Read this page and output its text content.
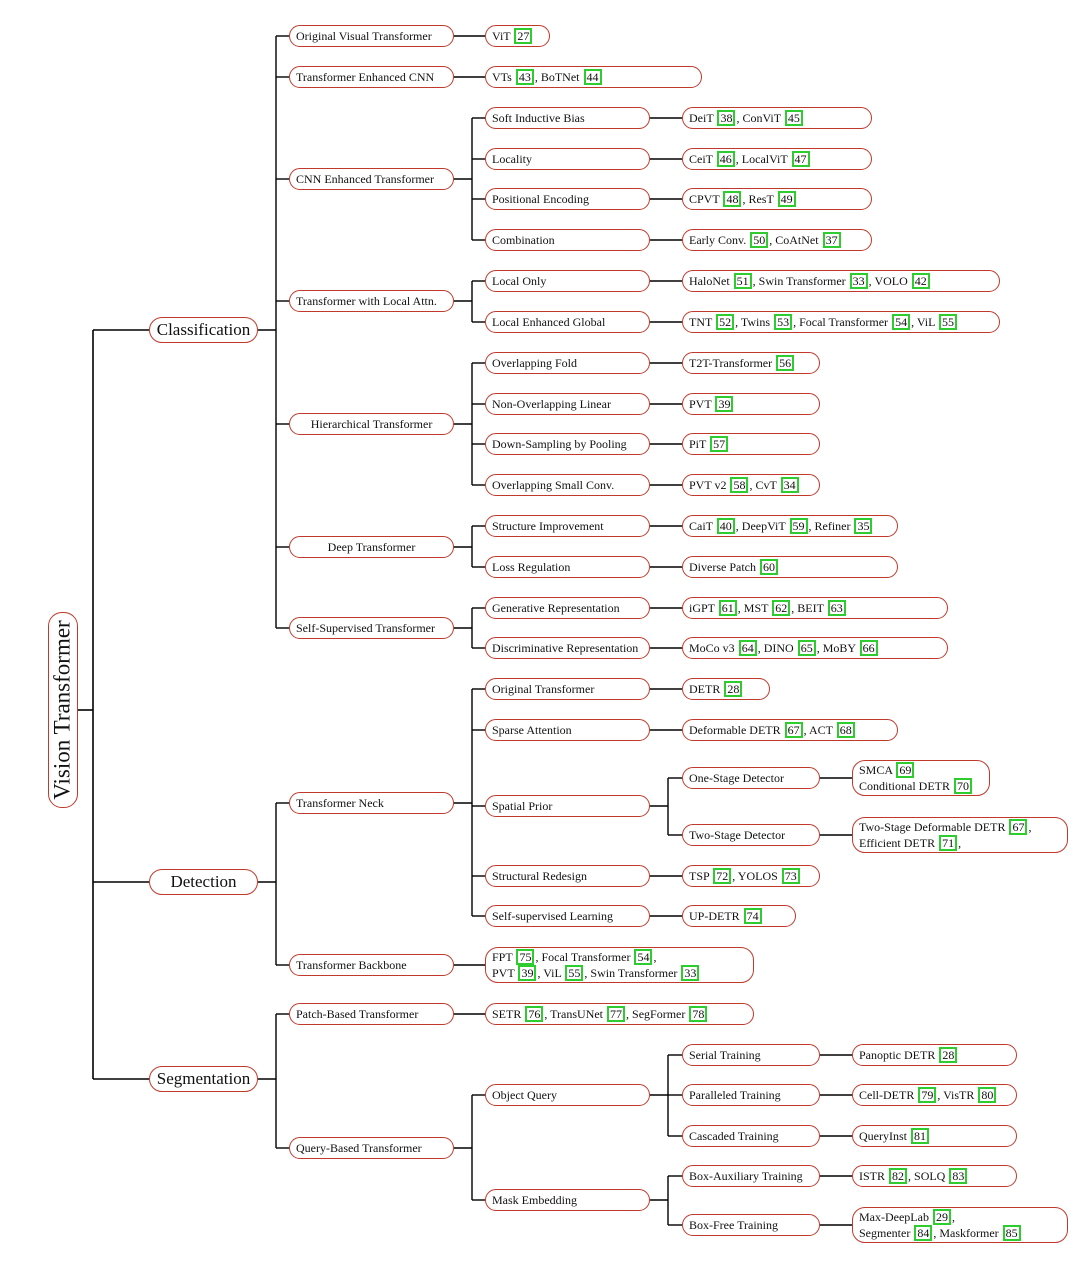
Vision Transformer
Classification
Original Visual Transformer	ViT 27
Transformer Enhanced CNN	VTs 43 , BoTNet 44
CNN Enhanced Transformer
Soft Inductive Bias	DeiT 38 , ConViT 45
Locality	CeiT 46 , LocalViT 47
Positional Encoding	CPVT 48 , ResT 49
Combination	Early Conv. 50 , CoAtNet 37
Transformer with Local Attn.
Local Only	HaloNet 51 , Swin Transformer 33 , VOLO 42
Local Enhanced Global	TNT 52 , Twins 53 , Focal Transformer 54 , ViL 55
Hierarchical Transformer
Overlapping Fold	T2T-Transformer 56
Non-Overlapping Linear	PVT 39
Down-Sampling by Pooling	PiT 57
Overlapping Small Conv.	PVT v2 58 , CvT 34
Deep Transformer
Structure Improvement	CaiT 40 , DeepViT 59 , Refiner 35
Loss Regulation	Diverse Patch 60
Self-Supervised Transformer
Generative Representation	iGPT 61 , MST 62 , BEIT 63
Discriminative Representation	MoCo v3 64 , DINO 65 , MoBY 66
Detection
Transformer Neck
Original Transformer	DETR 28
Sparse Attention	Deformable DETR 67 , ACT 68
Spatial Prior
One-Stage Detector
SMCA 69
Conditional DETR 70
Two-Stage Detector
Two-Stage Deformable DETR 67 ,
Efficient DETR 71 ,
Structural Redesign	TSP 72 , YOLOS 73
Self-supervised Learning	UP-DETR 74
Transformer Backbone
FPT 75 , Focal Transformer 54 ,
PVT 39 , ViL 55 , Swin Transformer 33
Segmentation
Patch-Based Transformer	SETR 76 , TransUNet 77 , SegFormer 78
Query-Based Transformer
Object Query
Serial Training	Panoptic DETR 28
Paralleled Training	Cell-DETR 79 , VisTR 80
Cascaded Training	QueryInst 81
Mask Embedding
Box-Auxiliary Training	ISTR 82 , SOLQ 83
Box-Free Training
Max-DeepLab 29 ,
Segmenter 84 , Maskformer 85
